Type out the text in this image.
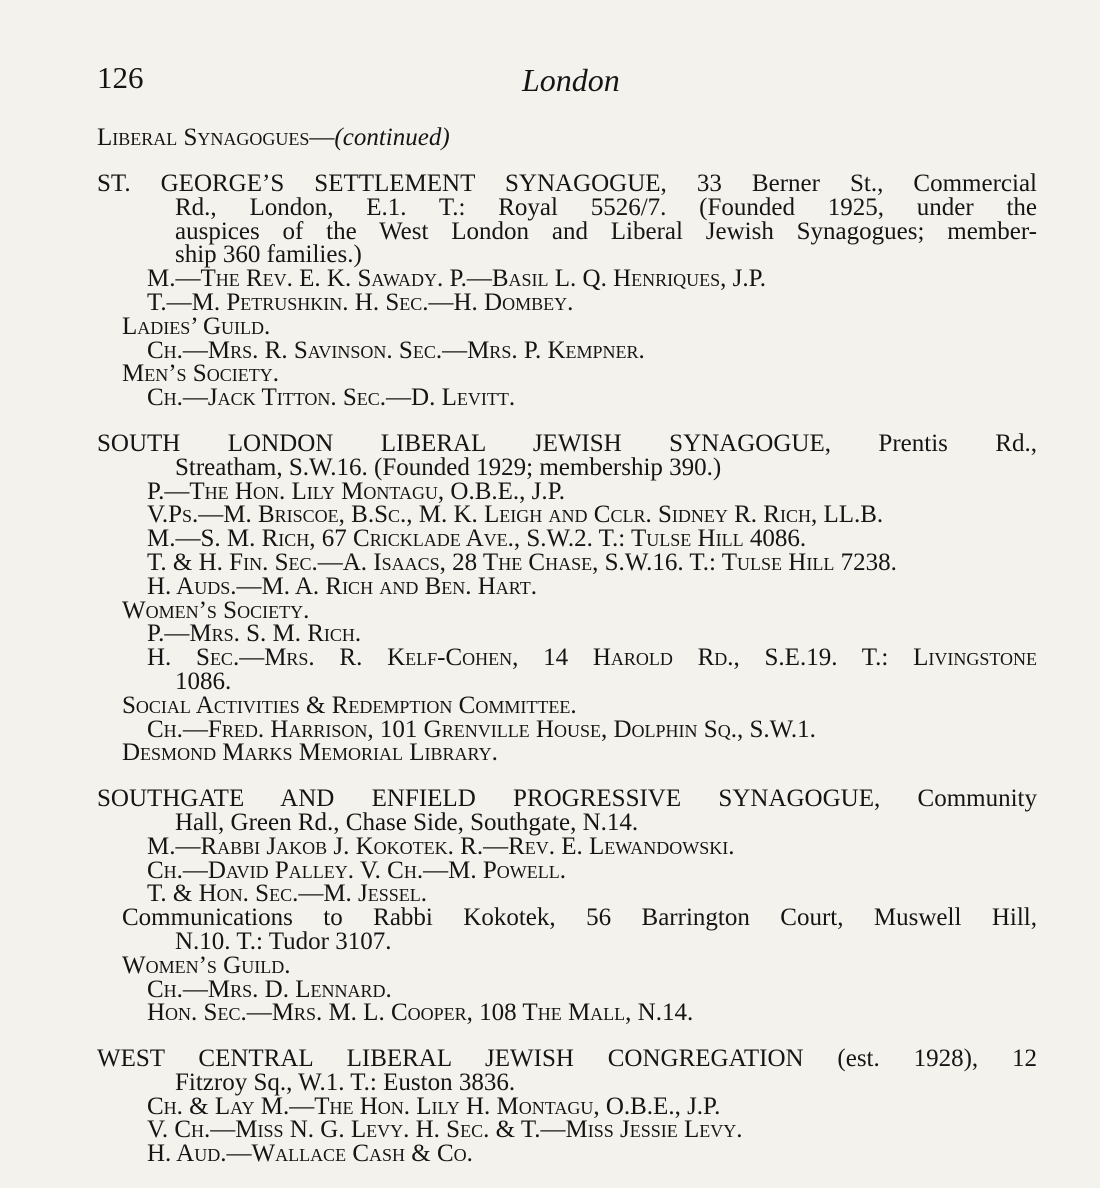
126	London
Liberal Synagogues—(continued)
ST. GEORGE’S SETTLEMENT SYNAGOGUE, 33 Berner St., Commercial
Rd., London, E.1. T.: Royal 5526/7. (Founded 1925, under the
auspices of the West London and Liberal Jewish Synagogues; member-
ship 360 families.)
M.—The Rev. E. K. Sawady. P.—Basil L. Q. Henriques, J.P.
T.—M. Petrushkin. H. Sec.—H. Dombey.
Ladies’ Guild.
Ch.—Mrs. R. Savinson. Sec.—Mrs. P. Kempner.
Men’s Society.
Ch.—Jack Titton. Sec.—D. Levitt.
SOUTH LONDON LIBERAL JEWISH SYNAGOGUE, Prentis Rd.,
Streatham, S.W.16. (Founded 1929; membership 390.)
P.—The Hon. Lily Montagu, O.B.E., J.P.
V.Ps.—M. Briscoe, B.Sc., M. K. Leigh and Cclr. Sidney R. Rich, LL.B.
M.—S. M. Rich, 67 Cricklade Ave., S.W.2. T.: Tulse Hill 4086.
T. & H. Fin. Sec.—A. Isaacs, 28 The Chase, S.W.16. T.: Tulse Hill 7238.
H. Auds.—M. A. Rich and Ben. Hart.
Women’s Society.
P.—Mrs. S. M. Rich.
H. Sec.—Mrs. R. Kelf-Cohen, 14 Harold Rd., S.E.19. T.: Livingstone
1086.
Social Activities & Redemption Committee.
Ch.—Fred. Harrison, 101 Grenville House, Dolphin Sq., S.W.1.
Desmond Marks Memorial Library.
SOUTHGATE AND ENFIELD PROGRESSIVE SYNAGOGUE, Community
Hall, Green Rd., Chase Side, Southgate, N.14.
M.—Rabbi Jakob J. Kokotek. R.—Rev. E. Lewandowski.
Ch.—David Palley. V. Ch.—M. Powell.
T. & Hon. Sec.—M. Jessel.
Communications to Rabbi Kokotek, 56 Barrington Court, Muswell Hill,
N.10. T.: Tudor 3107.
Women’s Guild.
Ch.—Mrs. D. Lennard.
Hon. Sec.—Mrs. M. L. Cooper, 108 The Mall, N.14.
WEST CENTRAL LIBERAL JEWISH CONGREGATION (est. 1928), 12
Fitzroy Sq., W.1. T.: Euston 3836.
Ch. & Lay M.—The Hon. Lily H. Montagu, O.B.E., J.P.
V. Ch.—Miss N. G. Levy. H. Sec. & T.—Miss Jessie Levy.
H. Aud.—Wallace Cash & Co.
